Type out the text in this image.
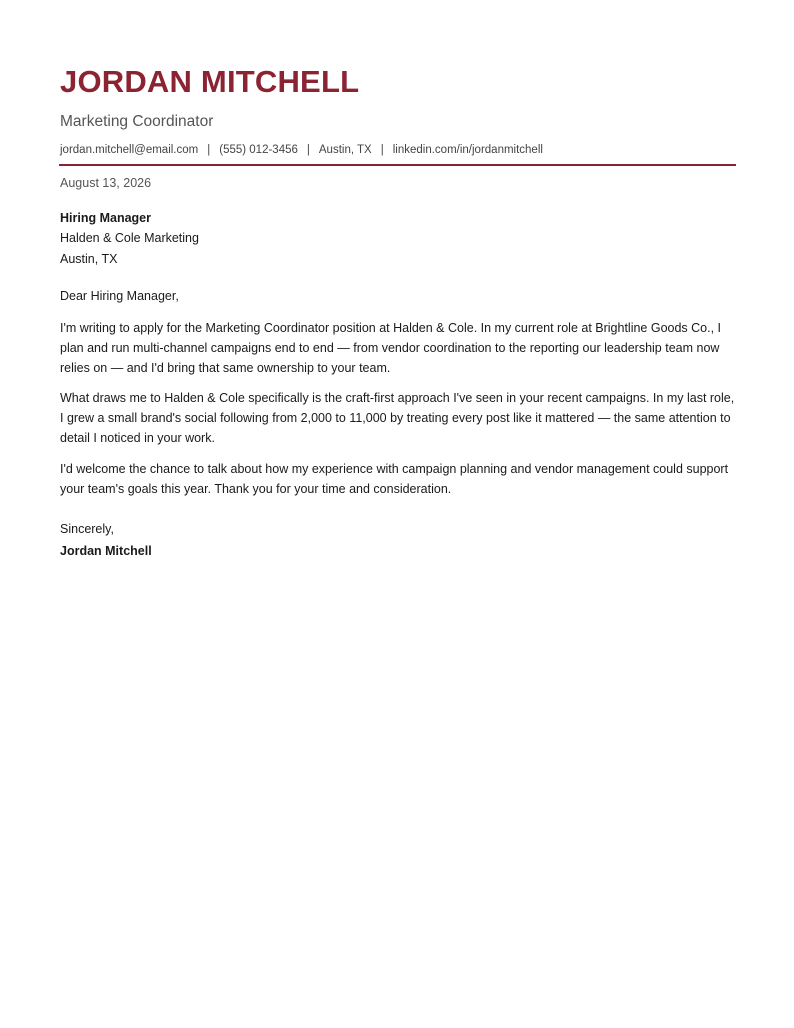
JORDAN MITCHELL
Marketing Coordinator
jordan.mitchell@email.com | (555) 012-3456 | Austin, TX | linkedin.com/in/jordanmitchell
August 13, 2026
Hiring Manager
Halden & Cole Marketing
Austin, TX
Dear Hiring Manager,

I'm writing to apply for the Marketing Coordinator position at Halden & Cole. In my current role at Brightline Goods Co., I plan and run multi-channel campaigns end to end — from vendor coordination to the reporting our leadership team now relies on — and I'd bring that same ownership to your team.

What draws me to Halden & Cole specifically is the craft-first approach I've seen in your recent campaigns. In my last role, I grew a small brand's social following from 2,000 to 11,000 by treating every post like it mattered — the same attention to detail I noticed in your work.

I'd welcome the chance to talk about how my experience with campaign planning and vendor management could support your team's goals this year. Thank you for your time and consideration.

Sincerely,
Jordan Mitchell
